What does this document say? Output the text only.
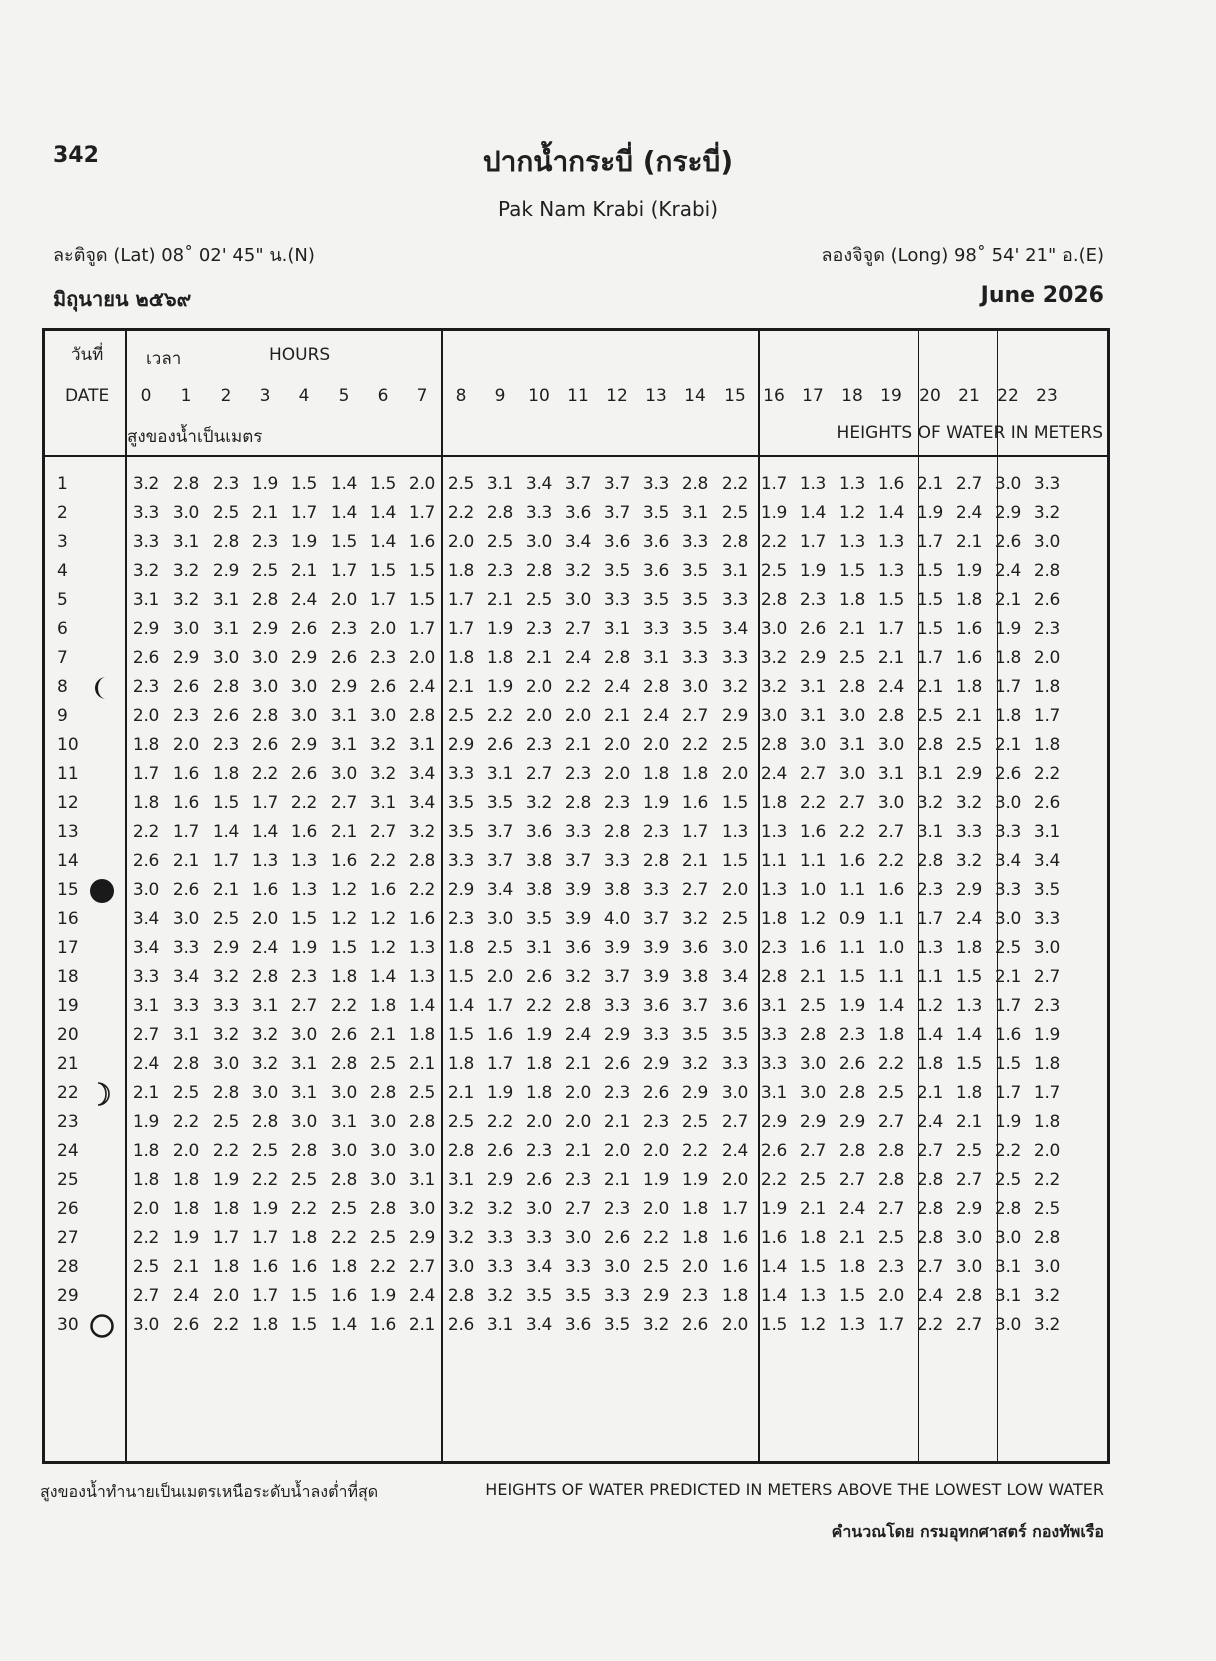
342	ปากน้ำกระบี่ (กระบี่)
Pak Nam Krabi (Krabi)
ละติจูด (Lat) 08˚ 02' 45" น.(N)	ลองจิจูด (Long) 98˚ 54' 21" อ.(E)
มิถุนายน ๒๕๖๙	June 2026
วันที่
DATE
เวลา	HOURS
สูงของน้ำเป็นเมตร	HEIGHTS OF WATER IN METERS
0	1	2	3	4	5	6	7	8	9	10	11	12	13	14	15	16	17	18	19	20	21	22	23
1	3.2 2.8 2.3 1.9 1.5 1.4 1.5 2.0 2.5 3.1 3.4 3.7 3.7 3.3 2.8 2.2 1.7 1.3 1.3 1.6 2.1 2.7 3.0 3.3
2	3.3 3.0 2.5 2.1 1.7 1.4 1.4 1.7 2.2 2.8 3.3 3.6 3.7 3.5 3.1 2.5 1.9 1.4 1.2 1.4 1.9 2.4 2.9 3.2
3	3.3 3.1 2.8 2.3 1.9 1.5 1.4 1.6 2.0 2.5 3.0 3.4 3.6 3.6 3.3 2.8 2.2 1.7 1.3 1.3 1.7 2.1 2.6 3.0
4	3.2 3.2 2.9 2.5 2.1 1.7 1.5 1.5 1.8 2.3 2.8 3.2 3.5 3.6 3.5 3.1 2.5 1.9 1.5 1.3 1.5 1.9 2.4 2.8
5	3.1 3.2 3.1 2.8 2.4 2.0 1.7 1.5 1.7 2.1 2.5 3.0 3.3 3.5 3.5 3.3 2.8 2.3 1.8 1.5 1.5 1.8 2.1 2.6
6	2.9 3.0 3.1 2.9 2.6 2.3 2.0 1.7 1.7 1.9 2.3 2.7 3.1 3.3 3.5 3.4 3.0 2.6 2.1 1.7 1.5 1.6 1.9 2.3
7	2.6 2.9 3.0 3.0 2.9 2.6 2.3 2.0 1.8 1.8 2.1 2.4 2.8 3.1 3.3 3.3 3.2 2.9 2.5 2.1 1.7 1.6 1.8 2.0
8	2.3 2.6 2.8 3.0 3.0 2.9 2.6 2.4 2.1 1.9 2.0 2.2 2.4 2.8 3.0 3.2 3.2 3.1 2.8 2.4 2.1 1.8 1.7 1.8
9	2.0 2.3 2.6 2.8 3.0 3.1 3.0 2.8 2.5 2.2 2.0 2.0 2.1 2.4 2.7 2.9 3.0 3.1 3.0 2.8 2.5 2.1 1.8 1.7
10	1.8 2.0 2.3 2.6 2.9 3.1 3.2 3.1 2.9 2.6 2.3 2.1 2.0 2.0 2.2 2.5 2.8 3.0 3.1 3.0 2.8 2.5 2.1 1.8
11	1.7 1.6 1.8 2.2 2.6 3.0 3.2 3.4 3.3 3.1 2.7 2.3 2.0 1.8 1.8 2.0 2.4 2.7 3.0 3.1 3.1 2.9 2.6 2.2
12	1.8 1.6 1.5 1.7 2.2 2.7 3.1 3.4 3.5 3.5 3.2 2.8 2.3 1.9 1.6 1.5 1.8 2.2 2.7 3.0 3.2 3.2 3.0 2.6
13	2.2 1.7 1.4 1.4 1.6 2.1 2.7 3.2 3.5 3.7 3.6 3.3 2.8 2.3 1.7 1.3 1.3 1.6 2.2 2.7 3.1 3.3 3.3 3.1
14	2.6 2.1 1.7 1.3 1.3 1.6 2.2 2.8 3.3 3.7 3.8 3.7 3.3 2.8 2.1 1.5 1.1 1.1 1.6 2.2 2.8 3.2 3.4 3.4
15	3.0 2.6 2.1 1.6 1.3 1.2 1.6 2.2 2.9 3.4 3.8 3.9 3.8 3.3 2.7 2.0 1.3 1.0 1.1 1.6 2.3 2.9 3.3 3.5
16	3.4 3.0 2.5 2.0 1.5 1.2 1.2 1.6 2.3 3.0 3.5 3.9 4.0 3.7 3.2 2.5 1.8 1.2 0.9 1.1 1.7 2.4 3.0 3.3
17	3.4 3.3 2.9 2.4 1.9 1.5 1.2 1.3 1.8 2.5 3.1 3.6 3.9 3.9 3.6 3.0 2.3 1.6 1.1 1.0 1.3 1.8 2.5 3.0
18	3.3 3.4 3.2 2.8 2.3 1.8 1.4 1.3 1.5 2.0 2.6 3.2 3.7 3.9 3.8 3.4 2.8 2.1 1.5 1.1 1.1 1.5 2.1 2.7
19	3.1 3.3 3.3 3.1 2.7 2.2 1.8 1.4 1.4 1.7 2.2 2.8 3.3 3.6 3.7 3.6 3.1 2.5 1.9 1.4 1.2 1.3 1.7 2.3
20	2.7 3.1 3.2 3.2 3.0 2.6 2.1 1.8 1.5 1.6 1.9 2.4 2.9 3.3 3.5 3.5 3.3 2.8 2.3 1.8 1.4 1.4 1.6 1.9
21	2.4 2.8 3.0 3.2 3.1 2.8 2.5 2.1 1.8 1.7 1.8 2.1 2.6 2.9 3.2 3.3 3.3 3.0 2.6 2.2 1.8 1.5 1.5 1.8
22	2.1 2.5 2.8 3.0 3.1 3.0 2.8 2.5 2.1 1.9 1.8 2.0 2.3 2.6 2.9 3.0 3.1 3.0 2.8 2.5 2.1 1.8 1.7 1.7
23	1.9 2.2 2.5 2.8 3.0 3.1 3.0 2.8 2.5 2.2 2.0 2.0 2.1 2.3 2.5 2.7 2.9 2.9 2.9 2.7 2.4 2.1 1.9 1.8
24	1.8 2.0 2.2 2.5 2.8 3.0 3.0 3.0 2.8 2.6 2.3 2.1 2.0 2.0 2.2 2.4 2.6 2.7 2.8 2.8 2.7 2.5 2.2 2.0
25	1.8 1.8 1.9 2.2 2.5 2.8 3.0 3.1 3.1 2.9 2.6 2.3 2.1 1.9 1.9 2.0 2.2 2.5 2.7 2.8 2.8 2.7 2.5 2.2
26	2.0 1.8 1.8 1.9 2.2 2.5 2.8 3.0 3.2 3.2 3.0 2.7 2.3 2.0 1.8 1.7 1.9 2.1 2.4 2.7 2.8 2.9 2.8 2.5
27	2.2 1.9 1.7 1.7 1.8 2.2 2.5 2.9 3.2 3.3 3.3 3.0 2.6 2.2 1.8 1.6 1.6 1.8 2.1 2.5 2.8 3.0 3.0 2.8
28	2.5 2.1 1.8 1.6 1.6 1.8 2.2 2.7 3.0 3.3 3.4 3.3 3.0 2.5 2.0 1.6 1.4 1.5 1.8 2.3 2.7 3.0 3.1 3.0
29	2.7 2.4 2.0 1.7 1.5 1.6 1.9 2.4 2.8 3.2 3.5 3.5 3.3 2.9 2.3 1.8 1.4 1.3 1.5 2.0 2.4 2.8 3.1 3.2
30	3.0 2.6 2.2 1.8 1.5 1.4 1.6 2.1 2.6 3.1 3.4 3.6 3.5 3.2 2.6 2.0 1.5 1.2 1.3 1.7 2.2 2.7 3.0 3.2
สูงของน้ำทำนายเป็นเมตรเหนือระดับน้ำลงต่ำที่สุด	HEIGHTS OF WATER PREDICTED IN METERS ABOVE THE LOWEST LOW WATER
คำนวณโดย กรมอุทกศาสตร์ กองทัพเรือ
